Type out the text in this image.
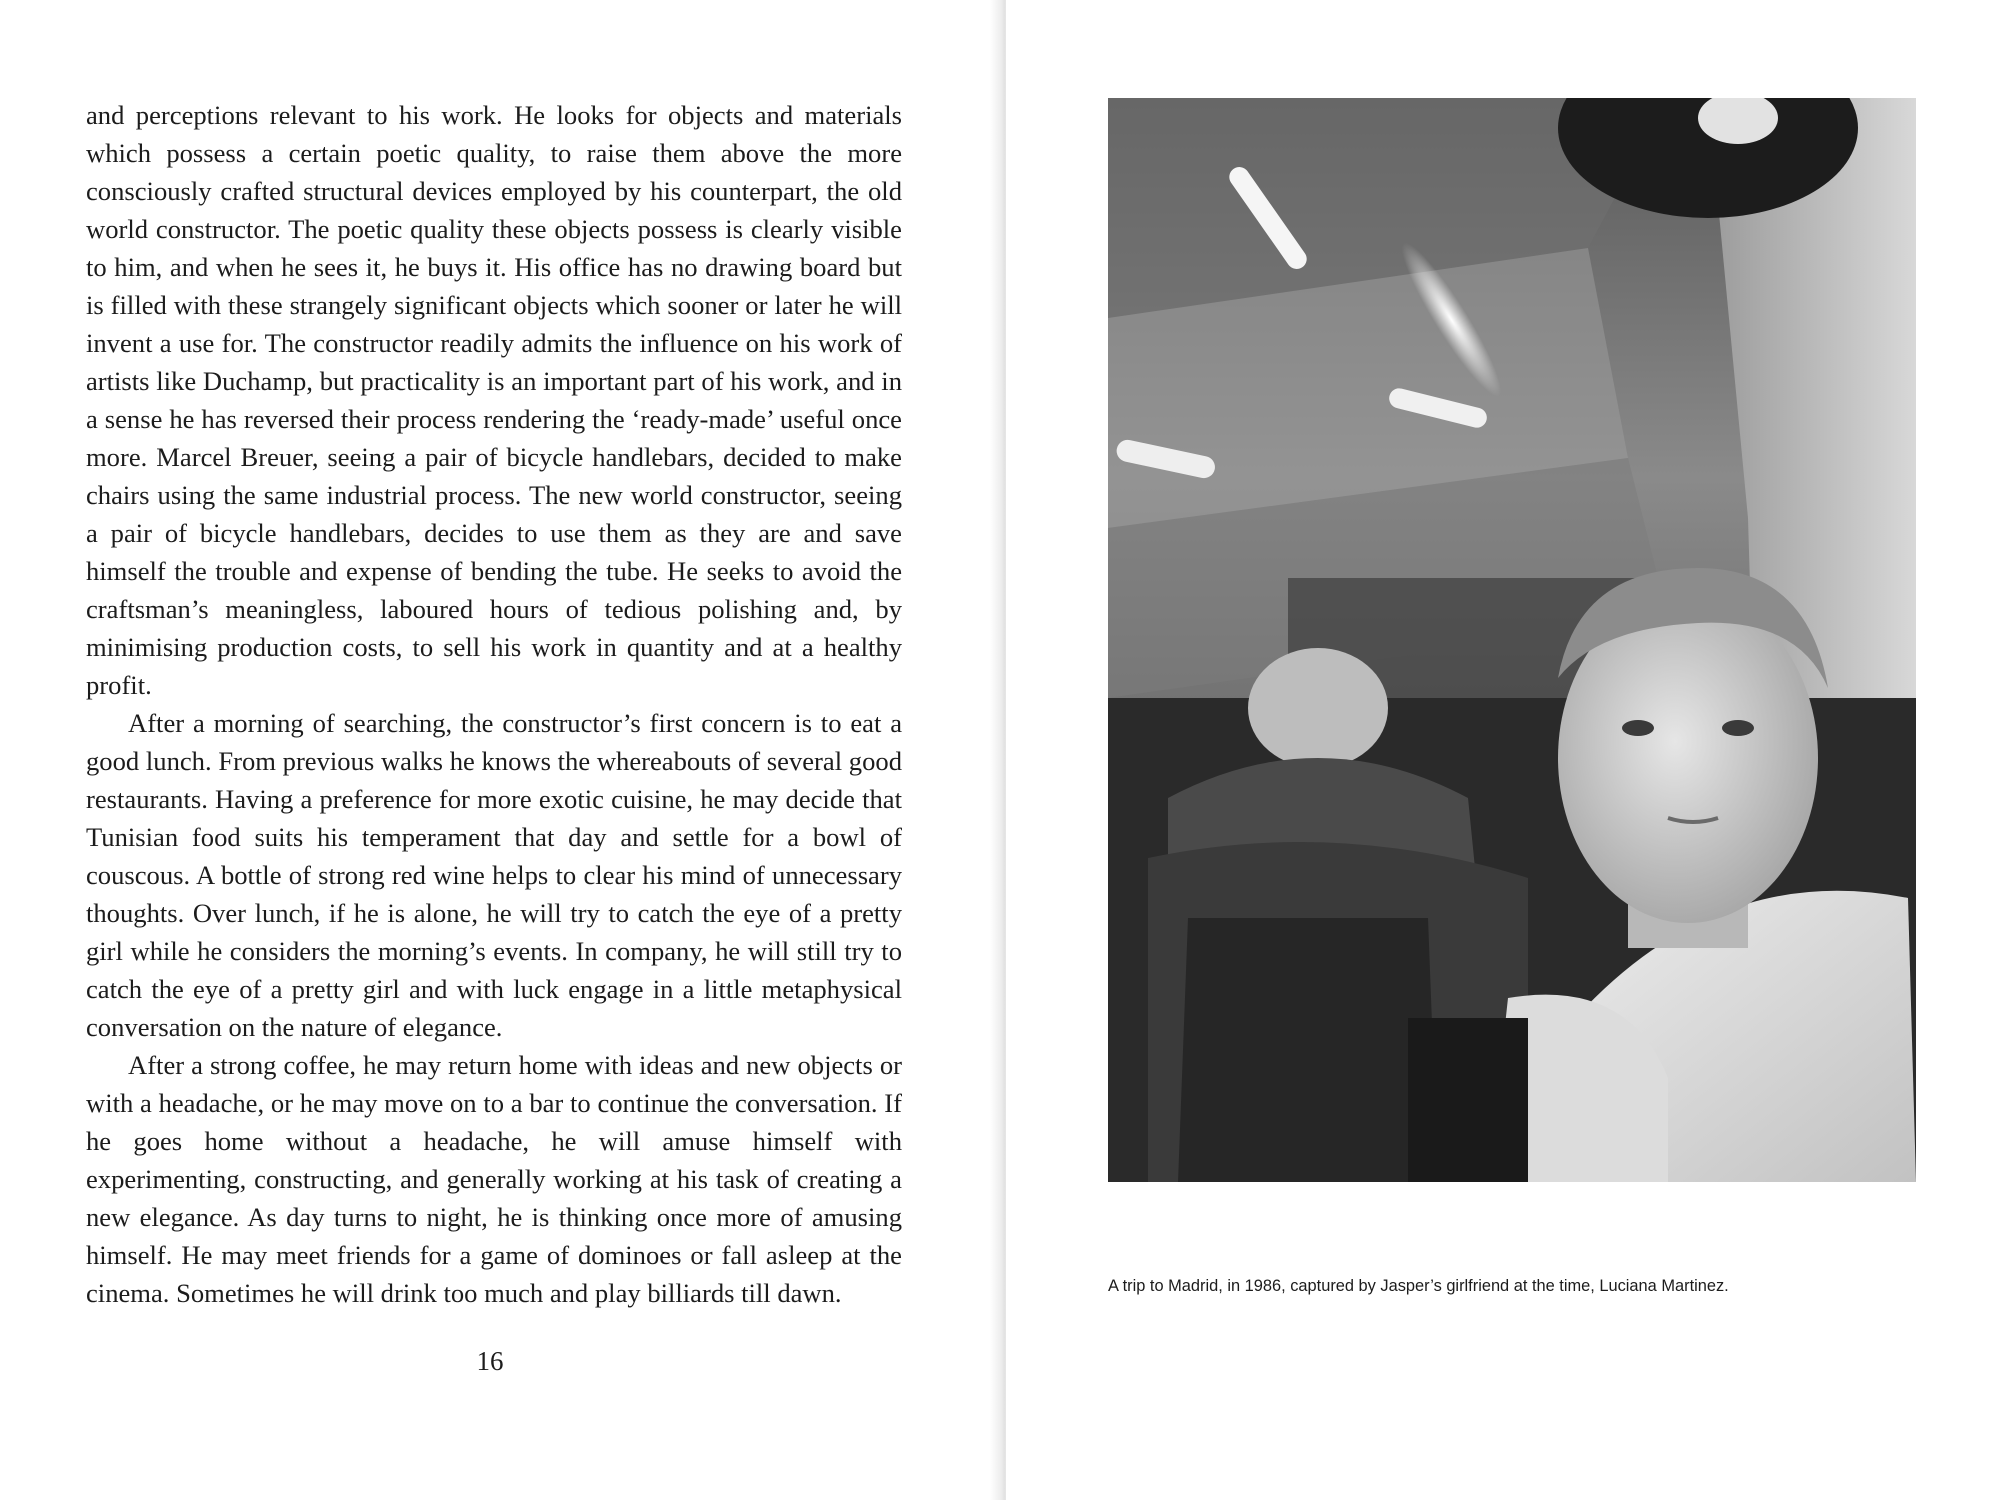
and perceptions relevant to his work. He looks for objects and materials which possess a certain poetic quality, to raise them above the more consciously crafted structural devices employed by his counterpart, the old world constructor. The poetic quality these objects possess is clearly visible to him, and when he sees it, he buys it. His office has no drawing board but is filled with these strangely significant objects which sooner or later he will invent a use for. The constructor readily admits the influence on his work of artists like Duchamp, but practicality is an important part of his work, and in a sense he has reversed their process rendering the ‘ready-made’ useful once more. Marcel Breuer, seeing a pair of bicycle handlebars, decided to make chairs using the same industrial process. The new world constructor, seeing a pair of bicycle handlebars, decides to use them as they are and save himself the trouble and expense of bending the tube. He seeks to avoid the craftsman’s meaningless, laboured hours of tedious polishing and, by minimising production costs, to sell his work in quantity and at a healthy profit.

After a morning of searching, the constructor’s first concern is to eat a good lunch. From previous walks he knows the whereabouts of several good restaurants. Having a preference for more exotic cuisine, he may decide that Tunisian food suits his temperament that day and settle for a bowl of couscous. A bottle of strong red wine helps to clear his mind of unnecessary thoughts. Over lunch, if he is alone, he will try to catch the eye of a pretty girl while he considers the morning’s events. In company, he will still try to catch the eye of a pretty girl and with luck engage in a little metaphysical conversation on the nature of elegance.

After a strong coffee, he may return home with ideas and new objects or with a headache, or he may move on to a bar to continue the conversation. If he goes home without a headache, he will amuse himself with experimenting, constructing, and generally working at his task of creating a new elegance. As day turns to night, he is thinking once more of amusing himself. He may meet friends for a game of dominoes or fall asleep at the cinema. Sometimes he will drink too much and play billiards till dawn.

16
A trip to Madrid, in 1986, captured by Jasper’s girlfriend at the time, Luciana Martinez.
